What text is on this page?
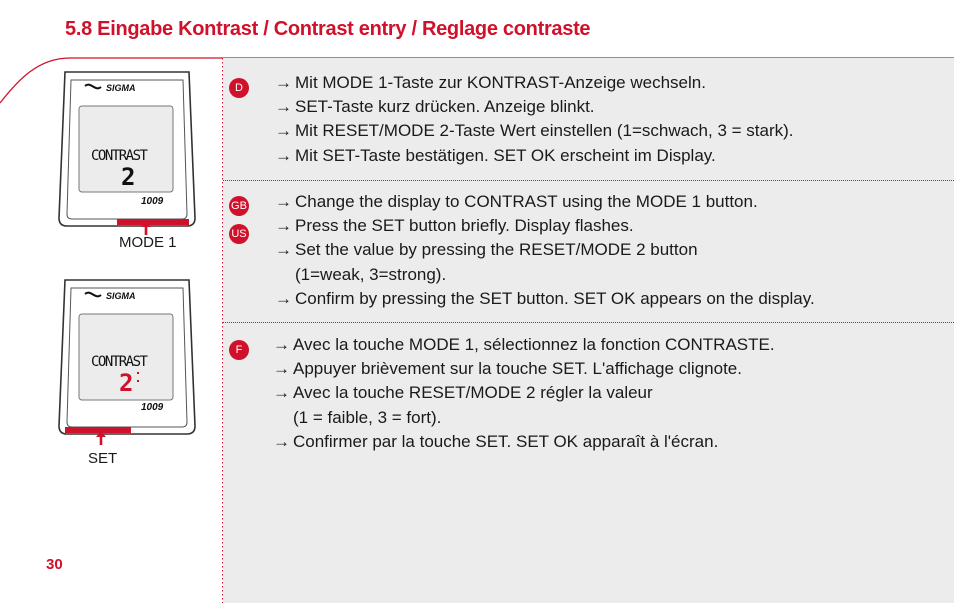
5.8 Eingabe Kontrast / Contrast entry / Reglage contraste
SIGMA
CONTRAST
2
1009
MODE 1
SIGMA
CONTRAST
2
1009
SET
D	→ Mit MODE 1-Taste zur KONTRAST-Anzeige wechseln.
→ SET-Taste kurz drücken. Anzeige blinkt.
→ Mit RESET/MODE 2-Taste Wert einstellen (1=schwach, 3 = stark).
→ Mit SET-Taste bestätigen. SET OK erscheint im Display.
GB
US
→ Change the display to CONTRAST using the MODE 1 button.
→ Press the SET button briefly. Display flashes.
→ Set the value by pressing the RESET/MODE 2 button
(1=weak, 3=strong).
→ Confirm by pressing the SET button. SET OK appears on the display.
F	→ Avec la touche MODE 1, sélectionnez la fonction CONTRASTE.
→ Appuyer brièvement sur la touche SET. L'affichage clignote.
→ Avec la touche RESET/MODE 2 régler la valeur
(1 = faible, 3 = fort).
→ Confirmer par la touche SET. SET OK apparaît à l'écran.
30
